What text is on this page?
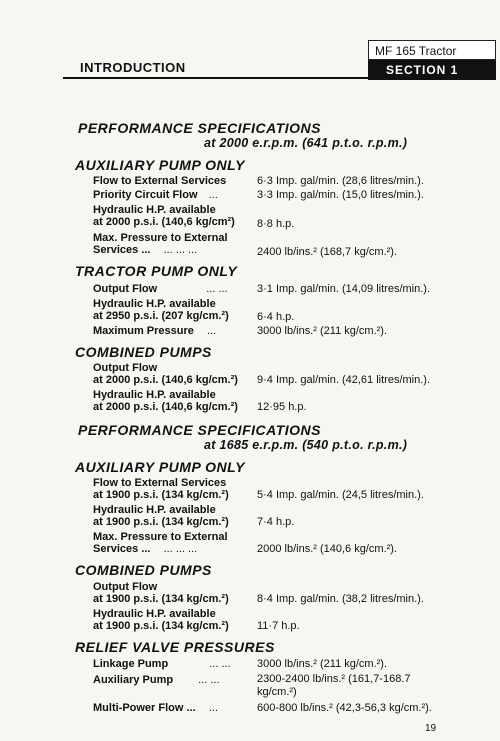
MF 165 Tractor
SECTION 1
INTRODUCTION
PERFORMANCE SPECIFICATIONS
at 2000 e.r.p.m. (641 p.t.o. r.p.m.)
AUXILIARY PUMP ONLY
Flow to External Services	6·3 Imp. gal/min. (28,6 litres/min.).
Priority Circuit Flow ...	3·3 Imp. gal/min. (15,0 litres/min.).
Hydraulic H.P. available
at 2000 p.s.i. (140,6 kg/cm²) 8·8 h.p.
Max. Pressure to External
Services ... ... ... ...	2400 lb/ins.² (168,7 kg/cm.²).
TRACTOR PUMP ONLY
Output Flow	... ...	3·1 Imp. gal/min. (14,09 litres/min.).
Hydraulic H.P. available
at 2950 p.s.i. (207 kg/cm.²)	6·4 h.p.
Maximum Pressure ...	3000 lb/ins.² (211 kg/cm.²).
COMBINED PUMPS
Output Flow
at 2000 p.s.i. (140,6 kg/cm.²) 9·4 Imp. gal/min. (42,61 litres/min.).
Hydraulic H.P. available
at 2000 p.s.i. (140,6 kg/cm.²) 12·95 h.p.
PERFORMANCE SPECIFICATIONS
at 1685 e.r.p.m. (540 p.t.o. r.p.m.)
AUXILIARY PUMP ONLY
Flow to External Services
at 1900 p.s.i. (134 kg/cm.²)	5·4 Imp. gal/min. (24,5 litres/min.).
Hydraulic H.P. available
at 1900 p.s.i. (134 kg/cm.²)	7·4 h.p.
Max. Pressure to External
Services ... ... ... ...	2000 lb/ins.² (140,6 kg/cm.²).
COMBINED PUMPS
Output Flow
at 1900 p.s.i. (134 kg/cm.²)	8·4 Imp. gal/min. (38,2 litres/min.).
Hydraulic H.P. available
at 1900 p.s.i. (134 kg/cm.²)	11·7 h.p.
RELIEF VALVE PRESSURES
Linkage Pump	... ... 3000 lb/ins.² (211 kg/cm.²).
Auxiliary Pump ... ...	2300-2400 lb/ins.² (161,7-168.7
kg/cm.²)
Multi-Power Flow ... ...	600-800 lb/ins.² (42,3-56,3 kg/cm.²).
19
